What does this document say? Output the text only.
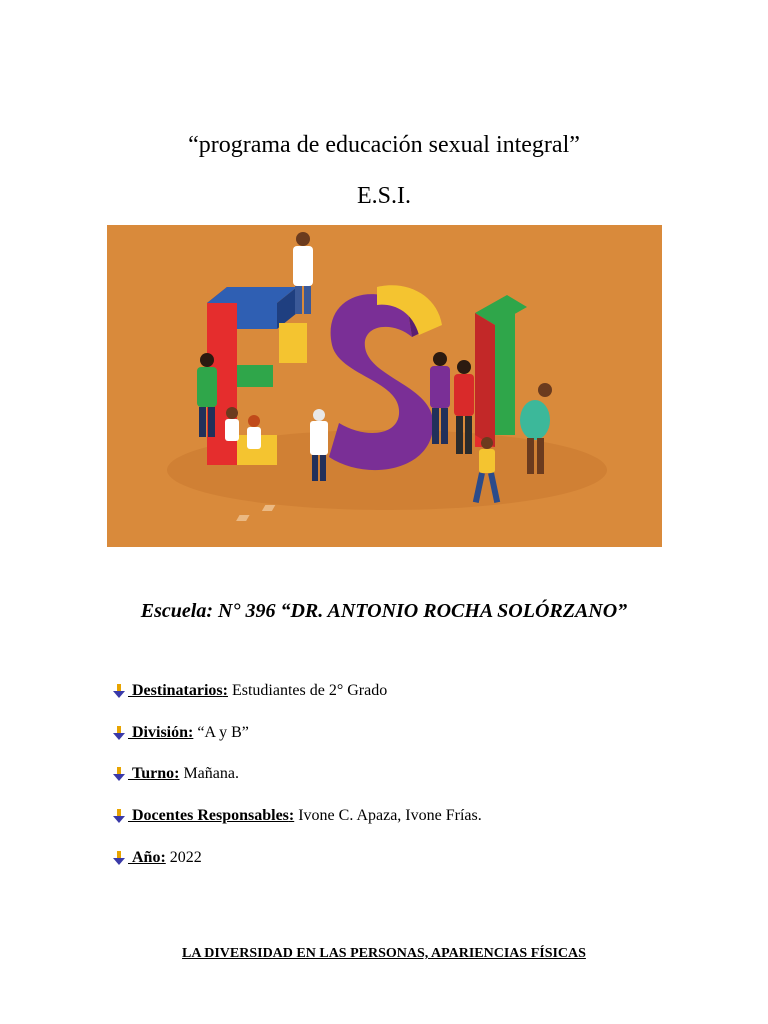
“programa de educación sexual integral”
E.S.I.
Escuela: N° 396 “DR. ANTONIO ROCHA SOLÓRZANO”
Destinatarios:
Estudiantes de 2° Grado
División:
“A y B”
Turno:
Mañana.
Docentes Responsables:
Ivone C. Apaza, Ivone Frías.
Año:
2022
LA DIVERSIDAD EN LAS PERSONAS, APARIENCIAS FÍSICAS
